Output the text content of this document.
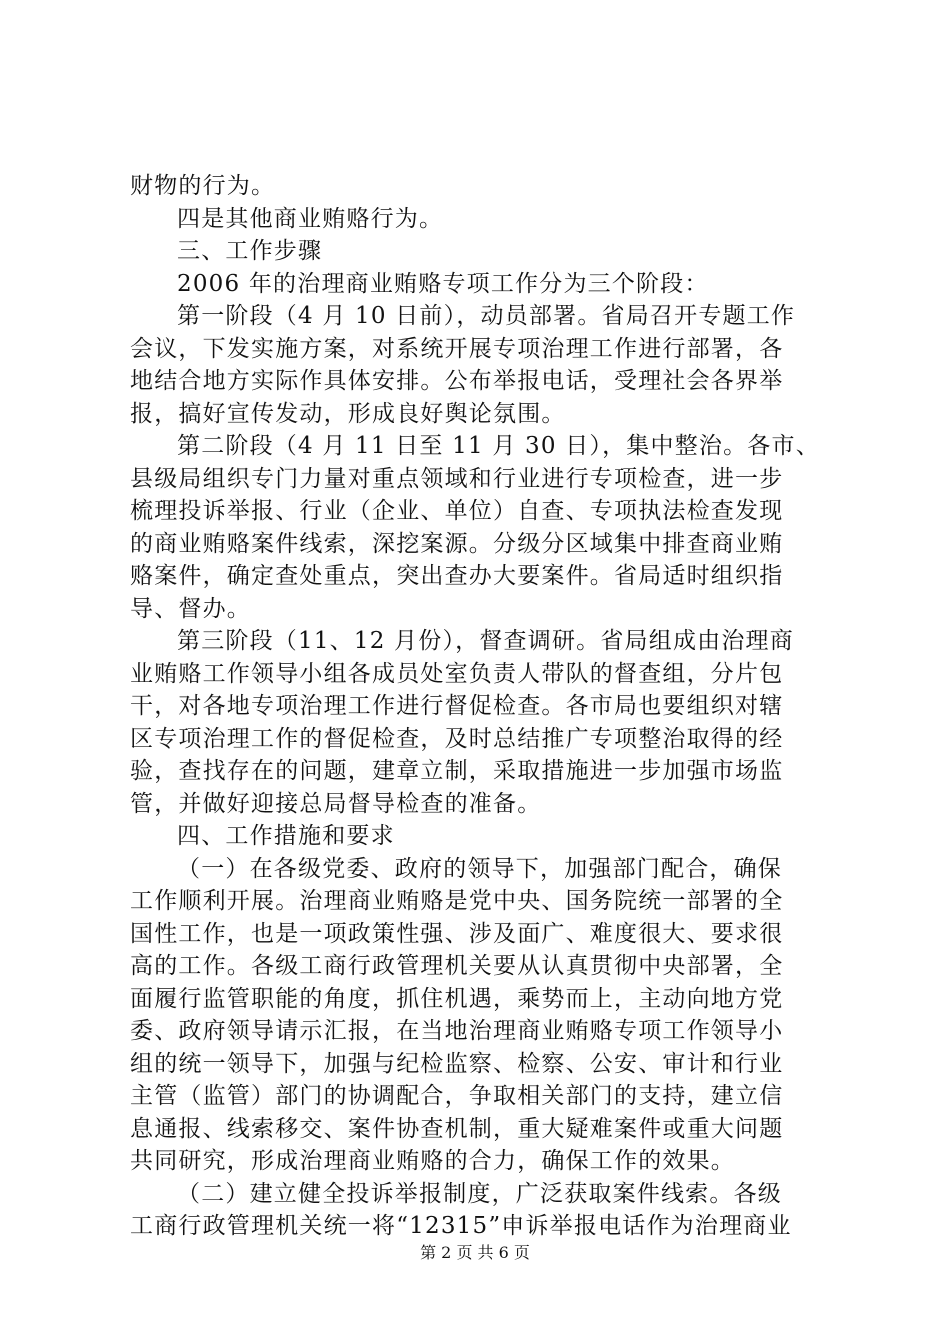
财物的行为。
四是其他商业贿赂行为。
三、工作步骤
2006 年的治理商业贿赂专项工作分为三个阶段：
第一阶段（4 月 10 日前），动员部署。省局召开专题工作
会议，下发实施方案，对系统开展专项治理工作进行部署，各
地结合地方实际作具体安排。公布举报电话，受理社会各界举
报，搞好宣传发动，形成良好舆论氛围。
第二阶段（4 月 11 日至 11 月 30 日），集中整治。各市、
县级局组织专门力量对重点领域和行业进行专项检查，进一步
梳理投诉举报、行业（企业、单位）自查、专项执法检查发现
的商业贿赂案件线索，深挖案源。分级分区域集中排查商业贿
赂案件，确定查处重点，突出查办大要案件。省局适时组织指
导、督办。
第三阶段（11、12 月份），督查调研。省局组成由治理商
业贿赂工作领导小组各成员处室负责人带队的督查组，分片包
干，对各地专项治理工作进行督促检查。各市局也要组织对辖
区专项治理工作的督促检查，及时总结推广专项整治取得的经
验，查找存在的问题，建章立制，采取措施进一步加强市场监
管，并做好迎接总局督导检查的准备。
四、工作措施和要求
（一）在各级党委、政府的领导下，加强部门配合，确保
工作顺利开展。治理商业贿赂是党中央、国务院统一部署的全
国性工作，也是一项政策性强、涉及面广、难度很大、要求很
高的工作。各级工商行政管理机关要从认真贯彻中央部署，全
面履行监管职能的角度，抓住机遇，乘势而上，主动向地方党
委、政府领导请示汇报，在当地治理商业贿赂专项工作领导小
组的统一领导下，加强与纪检监察、检察、公安、审计和行业
主管（监管）部门的协调配合，争取相关部门的支持，建立信
息通报、线索移交、案件协查机制，重大疑难案件或重大问题
共同研究，形成治理商业贿赂的合力，确保工作的效果。
（二）建立健全投诉举报制度，广泛获取案件线索。各级
工商行政管理机关统一将“12315”申诉举报电话作为治理商业
第 2 页 共 6 页
